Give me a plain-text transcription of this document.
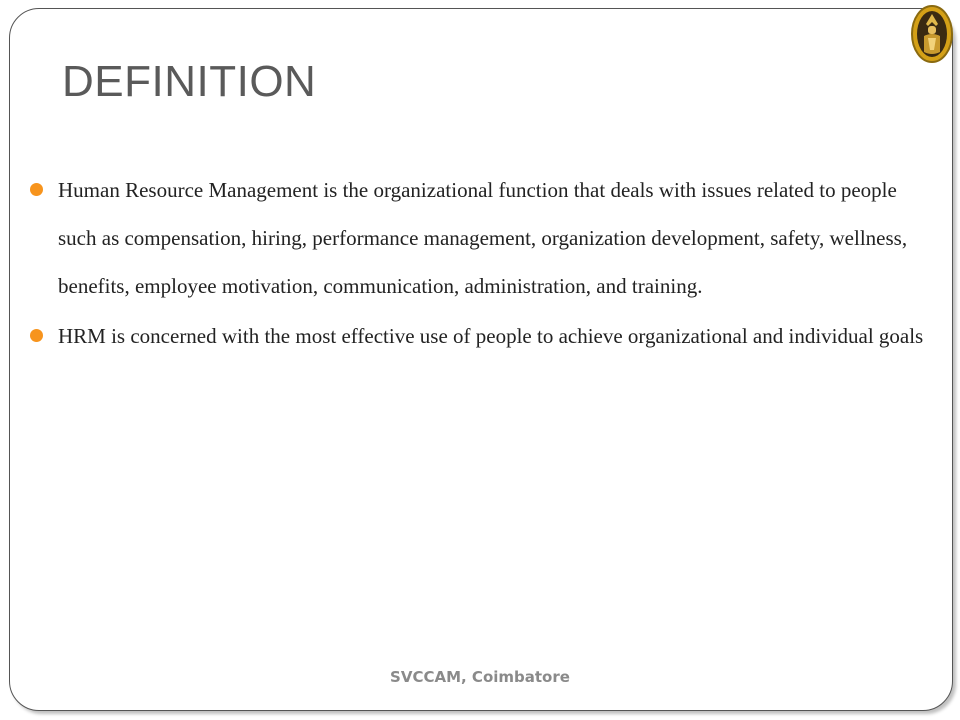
DEFINITION
Human Resource Management is the organizational function that deals with issues related to people such as compensation, hiring, performance management, organization development, safety, wellness, benefits, employee motivation, communication, administration, and training.
HRM is concerned with the most effective use of people to achieve organizational and individual goals
SVCCAM, Coimbatore
